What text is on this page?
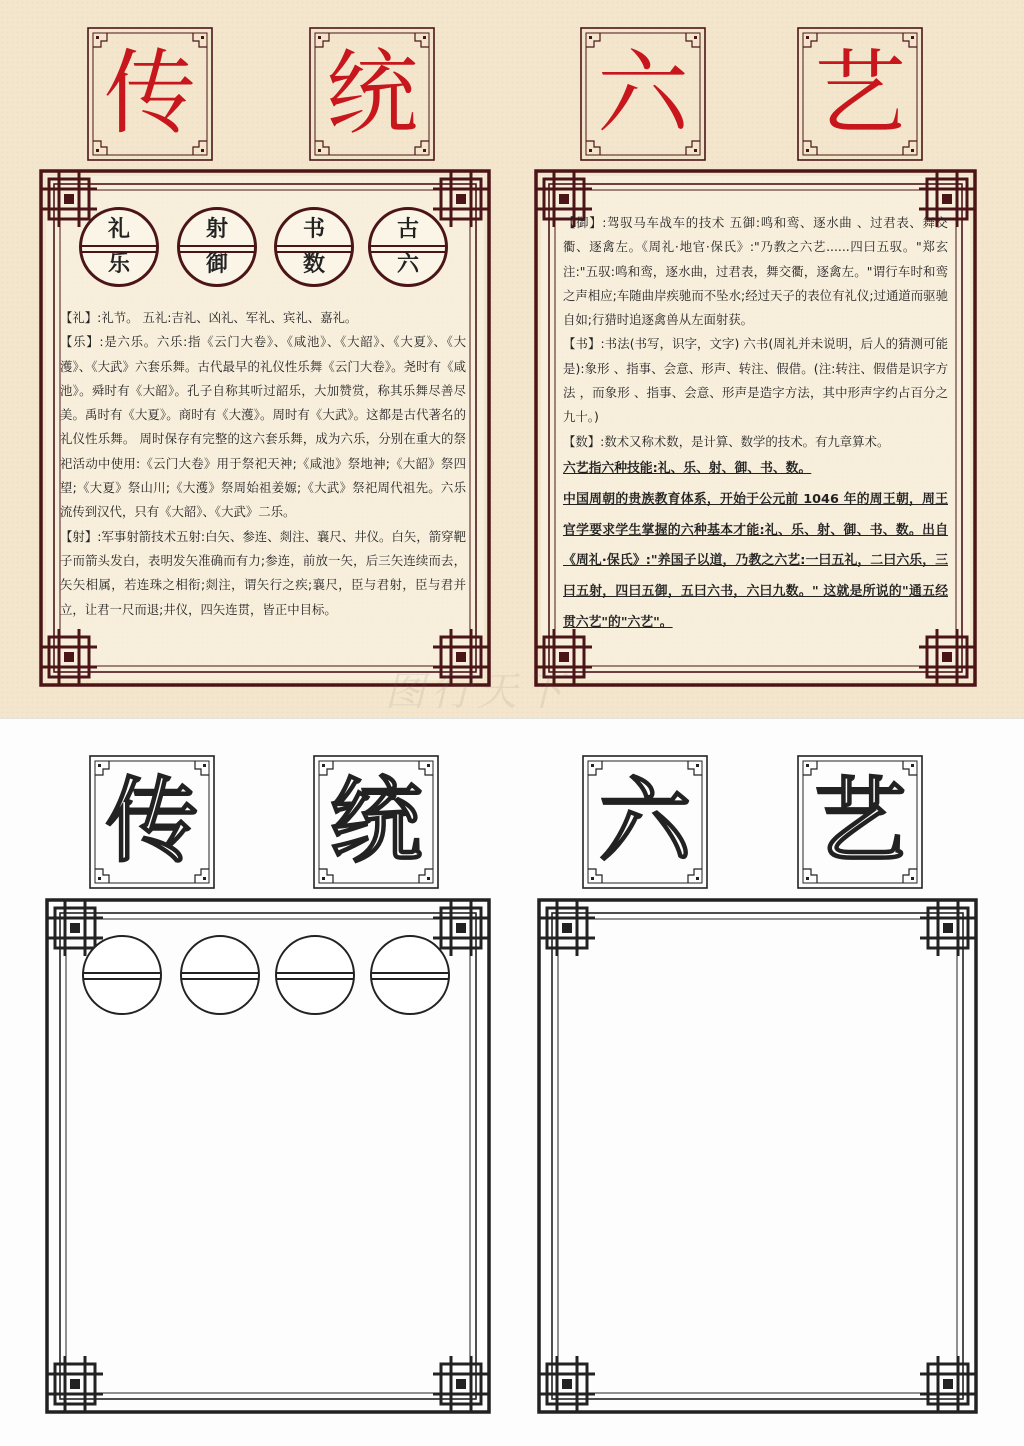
传 统 六 艺
礼
乐
射
御
书
数
古
六

【礼】:礼节。 五礼:吉礼、凶礼、军礼、宾礼、嘉礼。

【乐】:是六乐。六乐:指《云门大卷》、《咸池》、《大韶》、《大夏》、《大濩》、《大武》六套乐舞。古代最早的礼仪性乐舞《云门大卷》。尧时有《咸池》。舜时有《大韶》。孔子自称其听过韶乐，大加赞赏，称其乐舞尽善尽美。禹时有《大夏》。商时有《大濩》。周时有《大武》。这都是古代著名的礼仪性乐舞。 周时保存有完整的这六套乐舞，成为六乐，分别在重大的祭祀活动中使用:《云门大卷》用于祭祀天神;《咸池》祭地神;《大韶》祭四望;《大夏》祭山川;《大濩》祭周始祖姜嫄;《大武》祭祀周代祖先。六乐流传到汉代，只有《大韶》、《大武》二乐。

【射】:军事射箭技术五射:白矢、参连、剡注、襄尺、井仪。白矢，箭穿靶子而箭头发白，表明发矢准确而有力;参连，前放一矢，后三矢连续而去，矢矢相属，若连珠之相衔;剡注，谓矢行之疾;襄尺，臣与君射，臣与君并立，让君一尺而退;井仪，四矢连贯，皆正中目标。

【御】:驾驭马车战车的技术 五御:鸣和鸾、逐水曲 、过君表、舞交衢、逐禽左。《周礼·地官·保氏》:"乃教之六艺......四曰五驭。"郑玄注:"五驭:鸣和鸾，逐水曲，过君表，舞交衢，逐禽左。"谓行车时和鸾之声相应;车随曲岸疾驰而不坠水;经过天子的表位有礼仪;过通道而驱驰自如;行猎时追逐禽兽从左面射获。

【书】:书法(书写，识字，文字) 六书(周礼并未说明，后人的猜测可能是):象形 、指事、会意、形声、转注、假借。(注:转注、假借是识字方法 ，而象形 、指事、会意、形声是造字方法，其中形声字约占百分之九十。)

【数】:数术又称术数，是计算、数学的技术。有九章算术。

六艺指六种技能:礼、乐、射、御、书、数。

中国周朝的贵族教育体系，开始于公元前 1046 年的周王朝，周王官学要求学生掌握的六种基本才能:礼、乐、射、御、书、数。出自《周礼·保氏》:"养国子以道，乃教之六艺:一曰五礼，二曰六乐，三曰五射，四曰五御，五曰六书，六曰九数。" 这就是所说的"通五经贯六艺"的"六艺"。

图行天下
传 统 六 艺
